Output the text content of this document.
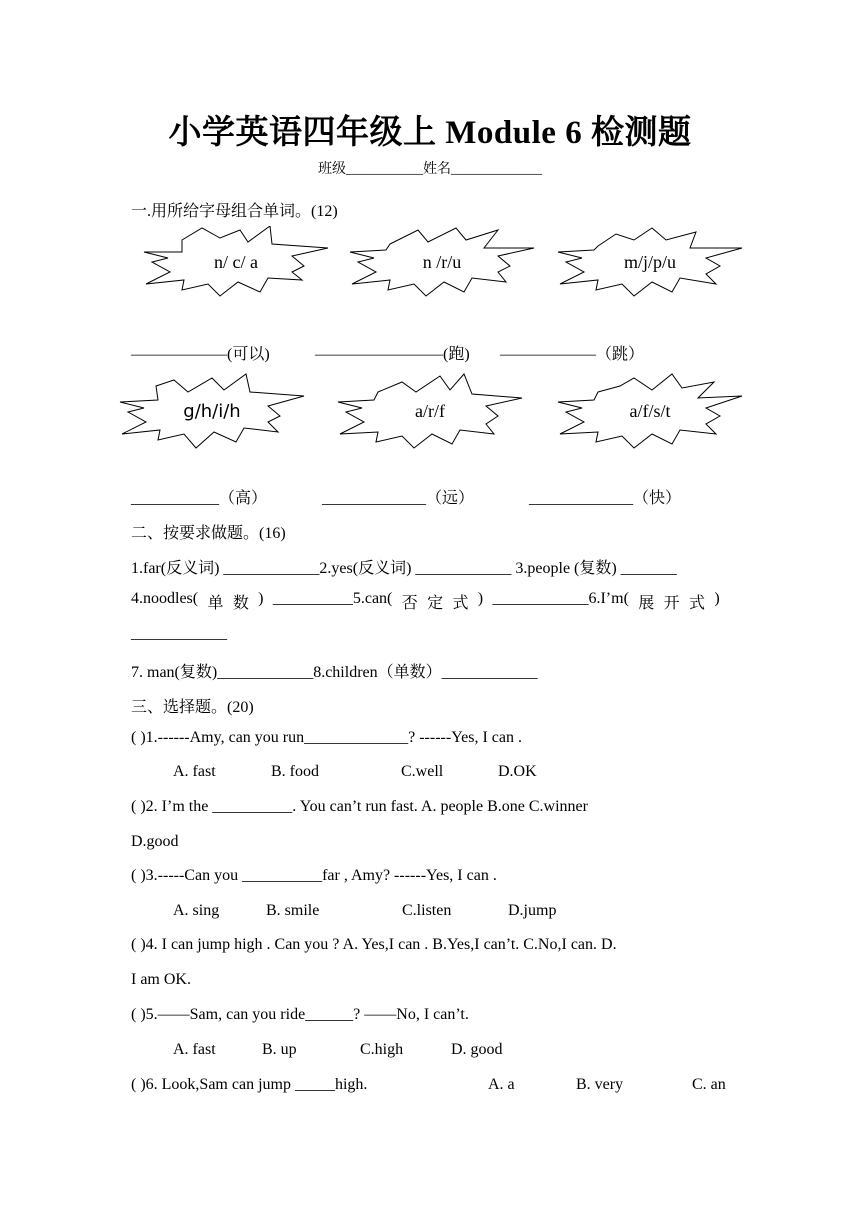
小学英语四年级上 Module 6 检测题
班级___________姓名_____________
一.用所给字母组合单词。(12)
n/ c/ a	n /r/u	m/j/p/u
——————(可以)	————————(跑) ——————（跳）
g/h/i/h	a/r/f	a/f/s/t
___________（高）	_____________（远）	_____________（快）
二、按要求做题。(16)
1.far(反义词) ____________2.yes(反义词) ____________ 3.people (复数) _______
4.noodles( 单 数 ) __________5.can( 否 定 式 ) ____________6.I’m( 展 开 式 )
____________
7. man(复数)____________8.children（单数）____________
三、选择题。(20)
( )1.------Amy, can you run_____________? ------Yes, I can .
A. fast	B. food	C.well	D.OK
( )2. I’m the __________. You can’t run fast. A. people B.one C.winner
D.good
( )3.-----Can you __________far , Amy? ------Yes, I can .
A. sing	B. smile	C.listen	D.jump
( )4. I can jump high . Can you ? A. Yes,I can . B.Yes,I can’t. C.No,I can. D.
I am OK.
( )5.——Sam, can you ride______? ——No, I can’t.
A. fast	B. up	C.high	D. good
( )6. Look,Sam can jump _____high.	A. a	B. very	C. an
